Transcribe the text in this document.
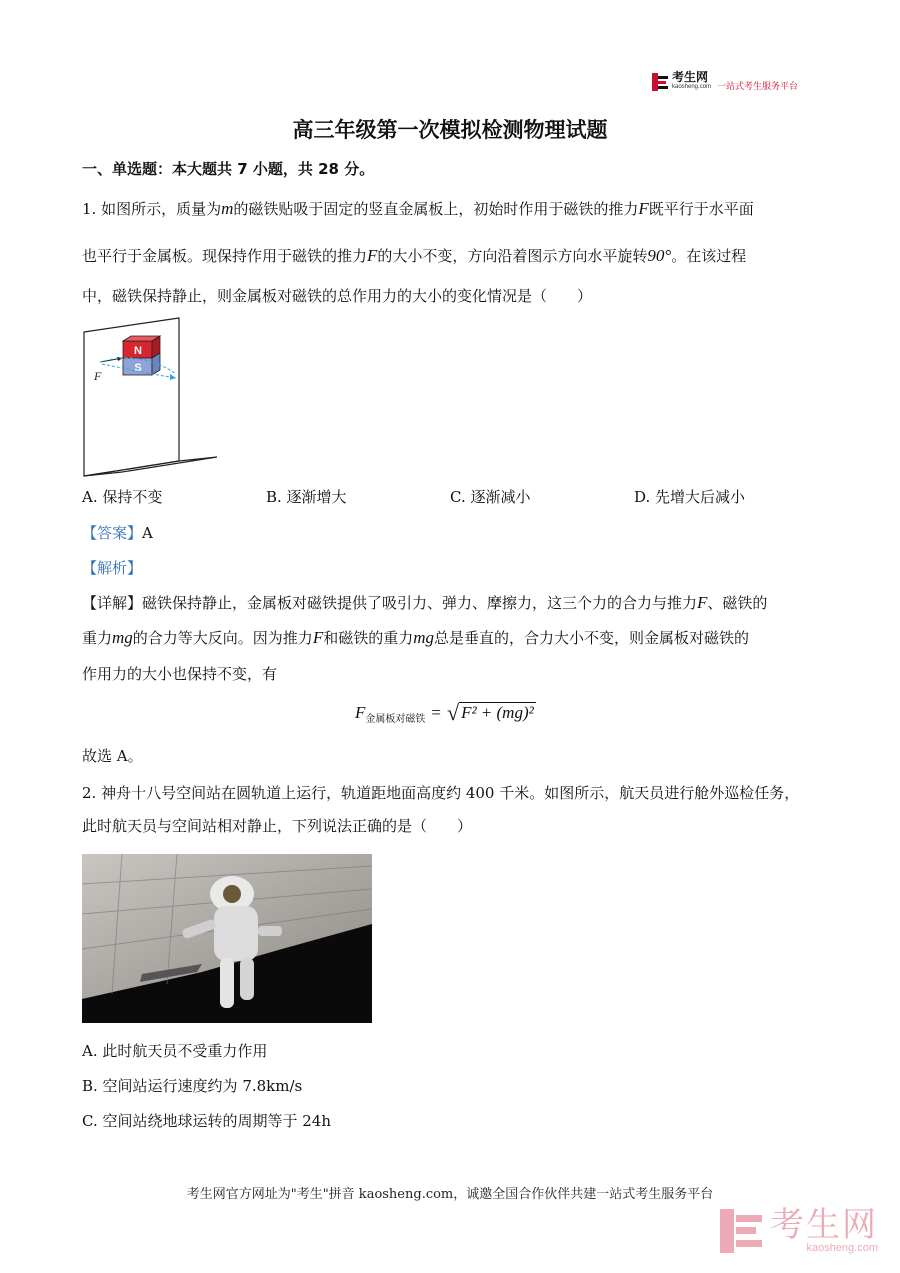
考生网
kaosheng.com 一站式考生服务平台
高三年级第一次模拟检测物理试题
一、单选题：本大题共 7 小题，共 28 分。
1. 如图所示，质量为m的磁铁贴吸于固定的竖直金属板上，初始时作用于磁铁的推力F既平行于水平面
也平行于金属板。现保持作用于磁铁的推力F的大小不变，方向沿着图示方向水平旋转90°。在该过程
中，磁铁保持静止，则金属板对磁铁的总作用力的大小的变化情况是（　　）
N
S
F
A. 保持不变	B. 逐渐增大	C. 逐渐减小	D. 先增大后减小
【答案】A
【解析】
【详解】磁铁保持静止，金属板对磁铁提供了吸引力、弹力、摩擦力，这三个力的合力与推力F、磁铁的
重力mg的合力等大反向。因为推力F和磁铁的重力mg总是垂直的，合力大小不变，则金属板对磁铁的
作用力的大小也保持不变，有
F 金属板对磁铁 = √ F² + (mg)²
故选 A。
2. 神舟十八号空间站在圆轨道上运行，轨道距地面高度约 400 千米。如图所示，航天员进行舱外巡检任务，
此时航天员与空间站相对静止，下列说法正确的是（　　）
A. 此时航天员不受重力作用
B. 空间站运行速度约为 7.8km/s
C. 空间站绕地球运转的周期等于 24h
考生网官方网址为"考生"拼音 kaosheng.com，诚邀全国合作伙伴共建一站式考生服务平台
考生网
kaosheng.com
